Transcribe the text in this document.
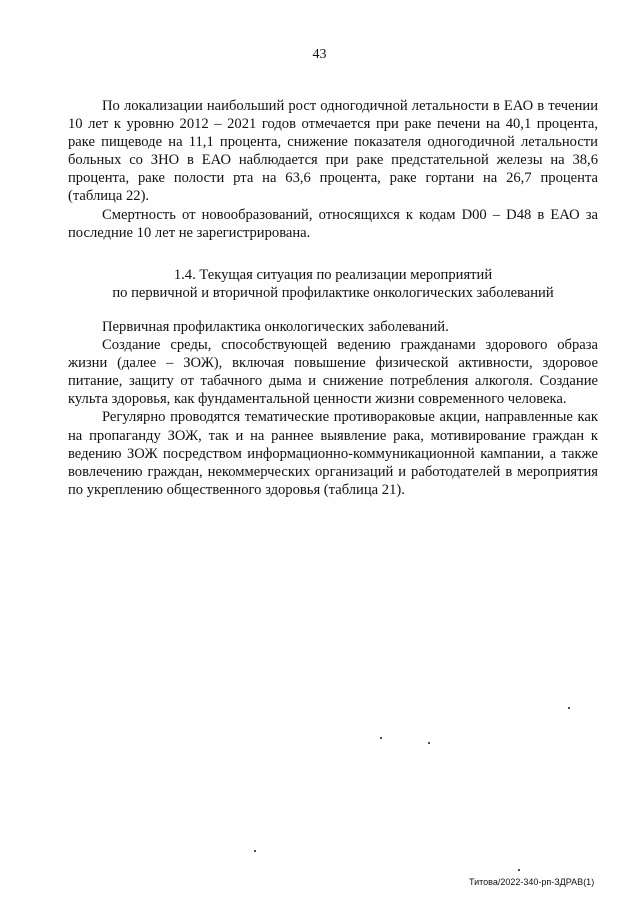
43

По локализации наибольший рост одногодичной летальности в ЕАО в течении 10 лет к уровню 2012 – 2021 годов отмечается при раке печени на 40,1 процента, раке пищеводе на 11,1 процента, снижение показателя одногодичной летальности больных со ЗНО в ЕАО наблюдается при раке предстательной железы на 38,6 процента, раке полости рта на 63,6 процента, раке гортани на 26,7 процента (таблица 22).

Смертность от новообразований, относящихся к кодам D00 – D48 в ЕАО за последние 10 лет не зарегистрирована.

1.4. Текущая ситуация по реализации мероприятий
по первичной и вторичной профилактике онкологических заболеваний

Первичная профилактика онкологических заболеваний.

Создание среды, способствующей ведению гражданами здорового образа жизни (далее – ЗОЖ), включая повышение физической активности, здоровое питание, защиту от табачного дыма и снижение потребления алкоголя. Создание культа здоровья, как фундаментальной ценности жизни современного человека.

Регулярно проводятся тематические противораковые акции, направленные как на пропаганду ЗОЖ, так и на раннее выявление рака, мотивирование граждан к ведению ЗОЖ посредством информационно-коммуникационной кампании, а также вовлечению граждан, некоммерческих организаций и работодателей в мероприятия по укреплению общественного здоровья (таблица 21).

Титова/2022-340-рп-ЗДРАВ(1)
